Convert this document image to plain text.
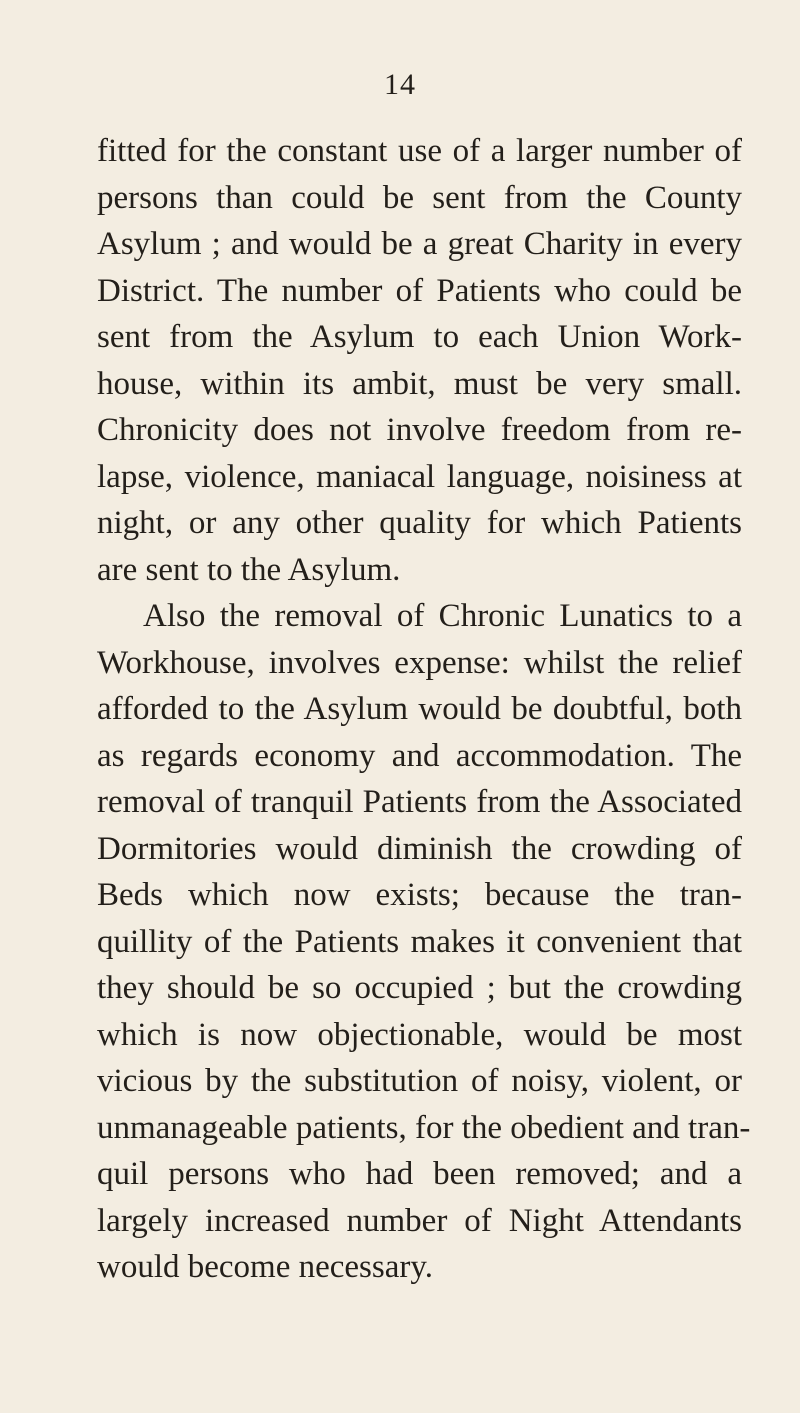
14
fitted for the constant use of a larger number of
persons than could be sent from the County
Asylum ; and would be a great Charity in every
District. The number of Patients who could be
sent from the Asylum to each Union Work-
house, within its ambit, must be very small.
Chronicity does not involve freedom from re-
lapse, violence, maniacal language, noisiness at
night, or any other quality for which Patients
are sent to the Asylum.
Also the removal of Chronic Lunatics to a
Workhouse, involves expense: whilst the relief
afforded to the Asylum would be doubtful, both
as regards economy and accommodation. The
removal of tranquil Patients from the Associated
Dormitories would diminish the crowding of
Beds which now exists; because the tran-
quillity of the Patients makes it convenient that
they should be so occupied ; but the crowding
which is now objectionable, would be most
vicious by the substitution of noisy, violent, or
unmanageable patients, for the obedient and tran-
quil persons who had been removed; and a
largely increased number of Night Attendants
would become necessary.
